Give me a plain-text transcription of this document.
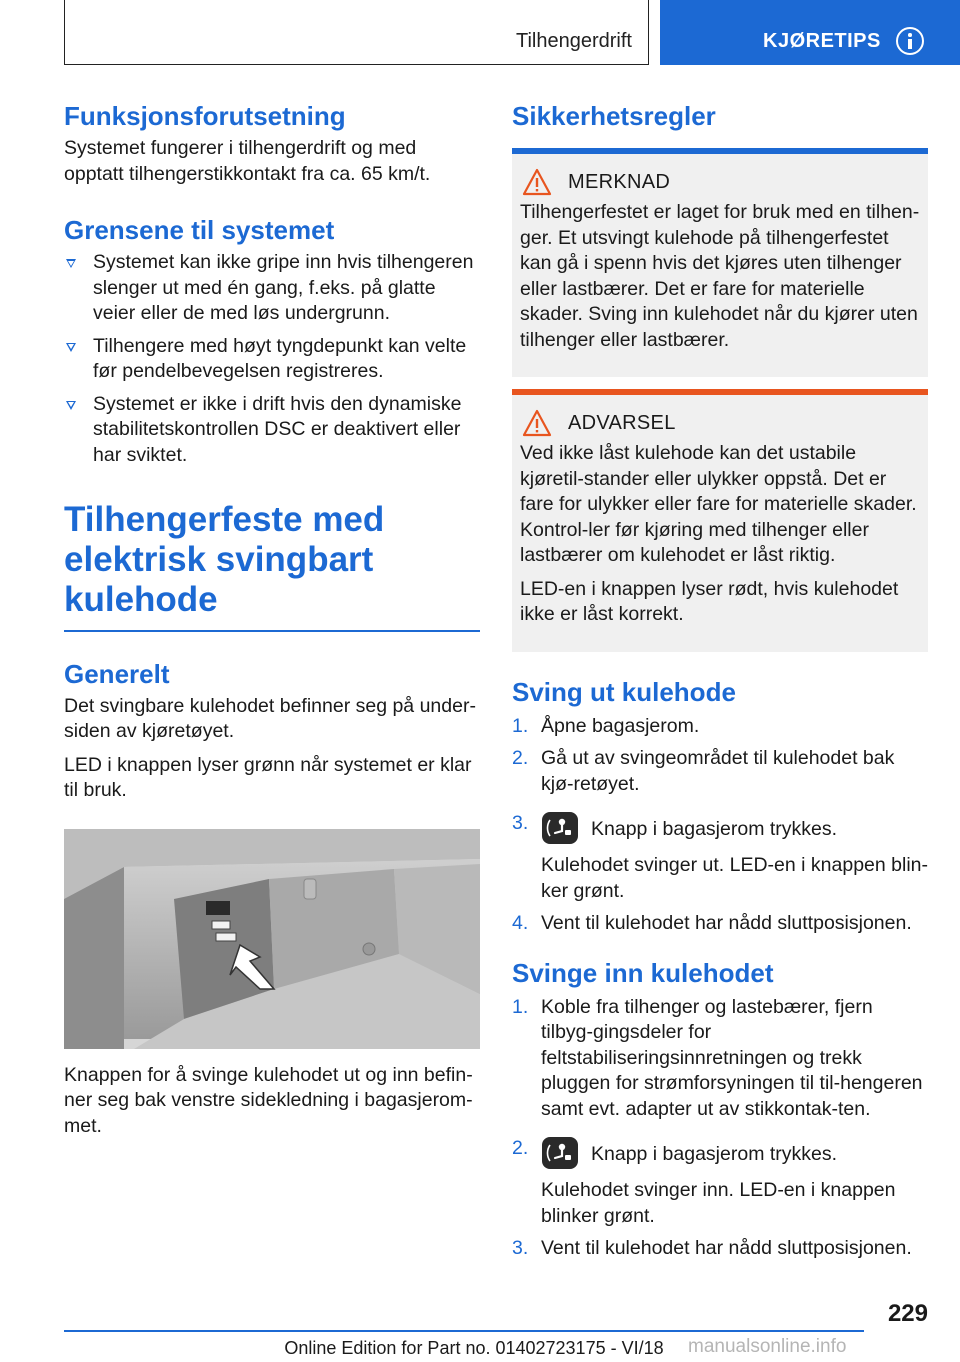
Tilhengerdrift	KJØRETIPS
Funksjonsforutsetning

Systemet fungerer i tilhengerdrift og med opptatt tilhengerstikkontakt fra ca. 65 km/t.

Grensene til systemet
Systemet kan ikke gripe inn hvis tilhengeren slenger ut med én gang, f.eks. på glatte veier eller de med løs undergrunn.
Tilhengere med høyt tyngdepunkt kan velte før pendelbevegelsen registreres.
Systemet er ikke i drift hvis den dynamiske stabilitetskontrollen DSC er deaktivert eller har sviktet.
Tilhengerfeste med elektrisk svingbart kulehode
Generelt

Det svingbare kulehodet befinner seg på under-siden av kjøretøyet.

LED i knappen lyser grønn når systemet er klar til bruk.

Knappen for å svinge kulehodet ut og inn befin-ner seg bak venstre sidekledning i bagasjerom-met.

Sikkerhetsregler
MERKNAD

Tilhengerfestet er laget for bruk med en tilhen-ger. Et utsvingt kulehode på tilhengerfestet kan gå i spenn hvis det kjøres uten tilhenger eller lastbærer. Det er fare for materielle skader. Sving inn kulehodet når du kjører uten tilhenger eller lastbærer.

ADVARSEL

Ved ikke låst kulehode kan det ustabile kjøretil-stander eller ulykker oppstå. Det er fare for ulykker eller fare for materielle skader. Kontrol-ler før kjøring med tilhenger eller lastbærer om kulehodet er låst riktig.

LED-en i knappen lyser rødt, hvis kulehodet ikke er låst korrekt.

Sving ut kulehode
1. Åpne bagasjerom.
2. Gå ut av svingeområdet til kulehodet bak kjø-retøyet.
3.	Knapp i bagasjerom trykkes.
Kulehodet svinger ut. LED-en i knappen blin-ker grønt.
4. Vent til kulehodet har nådd sluttposisjonen.
Svinge inn kulehodet
1. Koble fra tilhenger og lastebærer, fjern tilbyg-gingsdeler for feltstabiliseringsinnretningen og trekk pluggen for strømforsyningen til til-hengeren samt evt. adapter ut av stikkontak-ten.
2.	Knapp i bagasjerom trykkes.
Kulehodet svinger inn. LED-en i knappen blinker grønt.
3. Vent til kulehodet har nådd sluttposisjonen.
229
Online Edition for Part no. 01402723175 - VI/18	manualsonline.info
